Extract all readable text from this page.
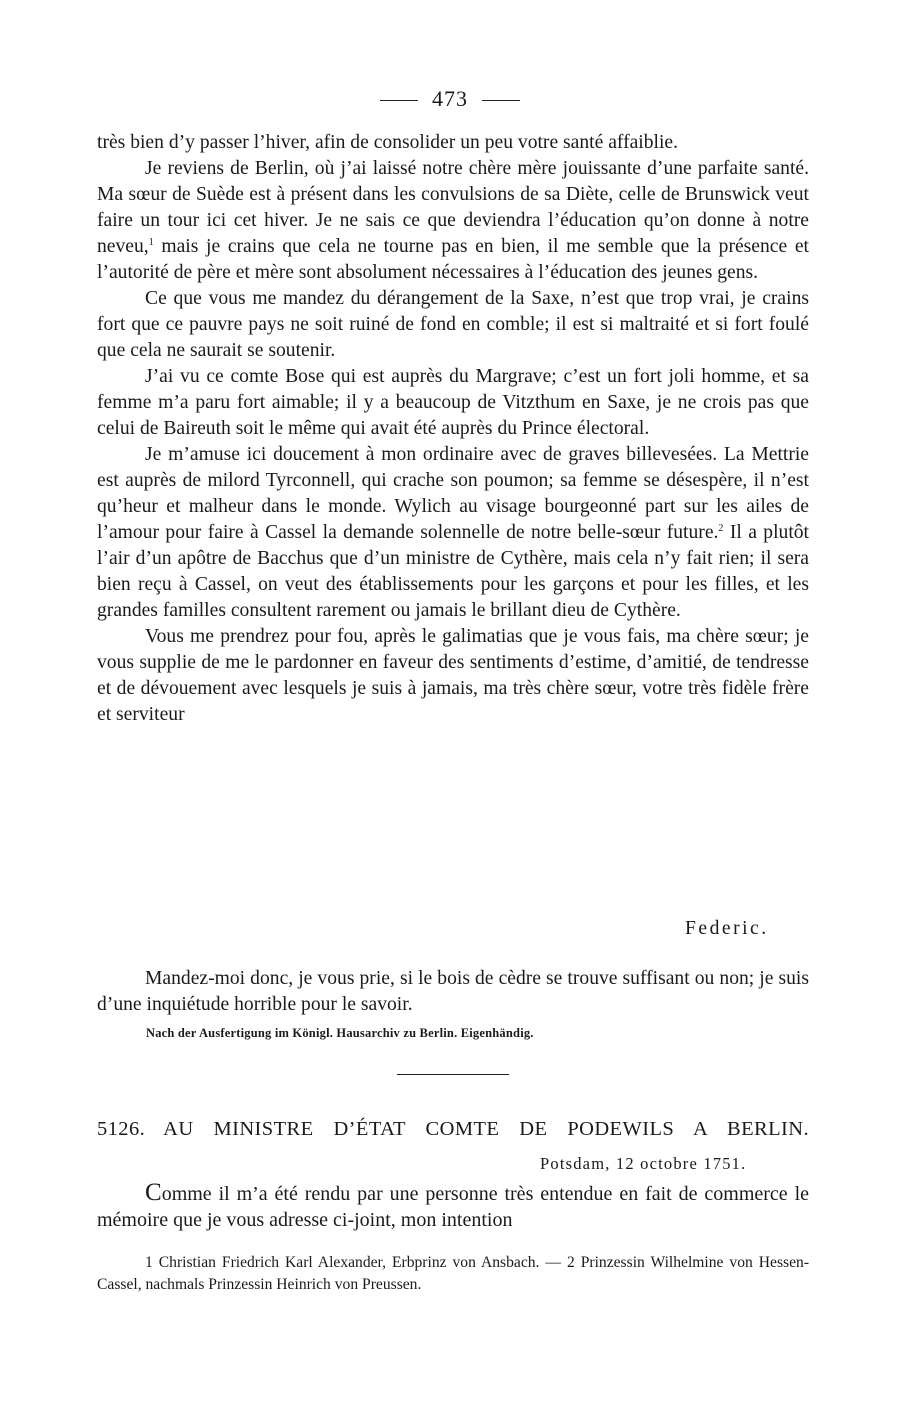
473

très bien d’y passer l’hiver, afin de consolider un peu votre santé affaiblie.

Je reviens de Berlin, où j’ai laissé notre chère mère jouissante d’une parfaite santé. Ma sœur de Suède est à présent dans les convulsions de sa Diète, celle de Brunswick veut faire un tour ici cet hiver. Je ne sais ce que deviendra l’éducation qu’on donne à notre neveu,$^1$ mais je crains que cela ne tourne pas en bien, il me semble que la présence et l’autorité de père et mère sont absolument nécessaires à l’éducation des jeunes gens.

Ce que vous me mandez du dérangement de la Saxe, n’est que trop vrai, je crains fort que ce pauvre pays ne soit ruiné de fond en comble; il est si maltraité et si fort foulé que cela ne saurait se soutenir.

J’ai vu ce comte Bose qui est auprès du Margrave; c’est un fort joli homme, et sa femme m’a paru fort aimable; il y a beaucoup de Vitzthum en Saxe, je ne crois pas que celui de Baireuth soit le même qui avait été auprès du Prince électoral.

Je m’amuse ici doucement à mon ordinaire avec de graves billevesées. La Mettrie est auprès de milord Tyrconnell, qui crache son poumon; sa femme se désespère, il n’est qu’heur et malheur dans le monde. Wylich au visage bourgeonné part sur les ailes de l’amour pour faire à Cassel la demande solennelle de notre belle-sœur future.$^2$ Il a plutôt l’air d’un apôtre de Bacchus que d’un ministre de Cythère, mais cela n’y fait rien; il sera bien reçu à Cassel, on veut des établissements pour les garçons et pour les filles, et les grandes familles consultent rarement ou jamais le brillant dieu de Cythère.

Vous me prendrez pour fou, après le galimatias que je vous fais, ma chère sœur; je vous supplie de me le pardonner en faveur des sentiments d’estime, d’amitié, de tendresse et de dévouement avec lesquels je suis à jamais, ma très chère sœur, votre très fidèle frère et serviteur

Federic.

Mandez-moi donc, je vous prie, si le bois de cèdre se trouve suffisant ou non; je suis d’une inquiétude horrible pour le savoir.

Nach der Ausfertigung im Königl. Hausarchiv zu Berlin. Eigenhändig.
5126. AU MINISTRE D’ÉTAT COMTE DE PODEWILS A BERLIN.
Potsdam, 12 octobre 1751.

Comme il m’a été rendu par une personne très entendue en fait de commerce le mémoire que je vous adresse ci-joint, mon intention

1 Christian Friedrich Karl Alexander, Erbprinz von Ansbach. — 2 Prinzessin Wilhelmine von Hessen-Cassel, nachmals Prinzessin Heinrich von Preussen.
